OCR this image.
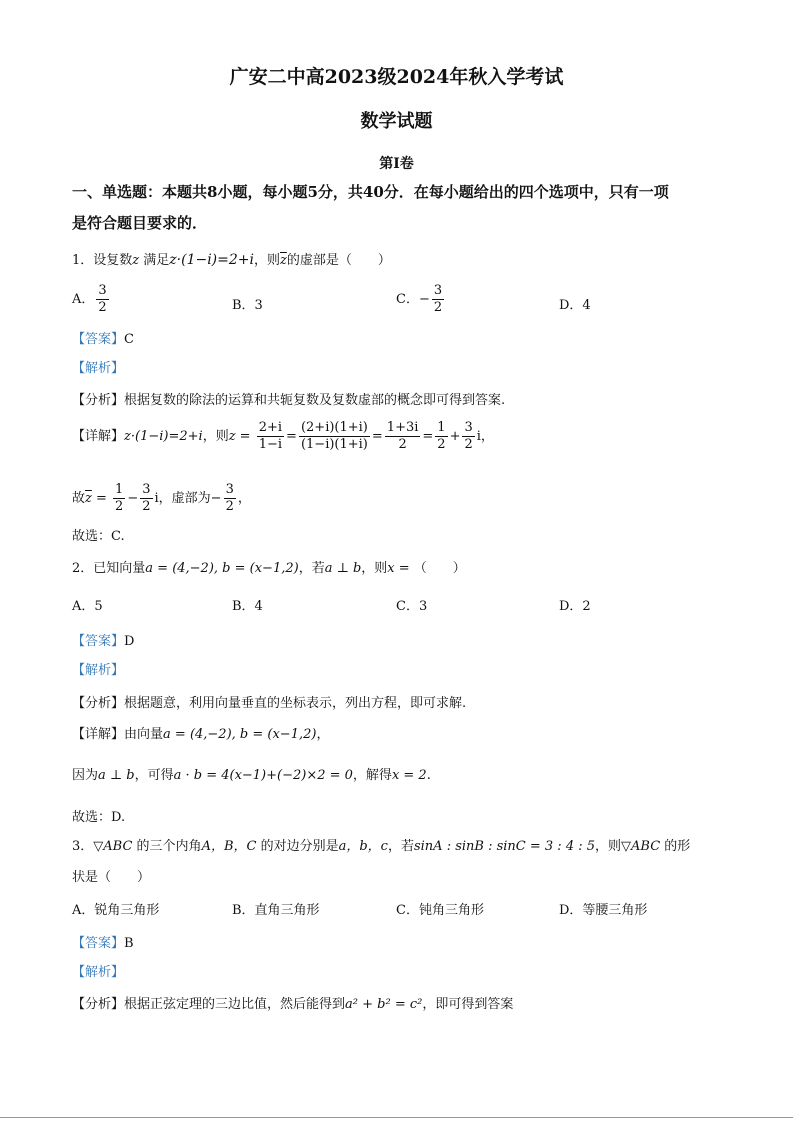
广安二中高2023级2024年秋入学考试
数学试题
第Ⅰ卷
一、单选题：本题共8小题，每小题5分，共40分．在每小题给出的四个选项中，只有一项
是符合题目要求的．
1．设复数z 满足z·(1−i)=2+i，则$\overline{z}$的虚部是（　　）
A． $\frac{3}{2}$	B．3	C．− $\frac{3}{2}$	D．4
【答案】C
【解析】
【分析】根据复数的除法的运算和共轭复数及复数虚部的概念即可得到答案.
【详解】z·(1−i)=2+i，则$z = \frac{2+i}{1-i} = \frac{(2+i)(1+i)}{(1-i)(1+i)} = \frac{1+3i}{2} = \frac{1}{2} + \frac{3}{2}$ i，
故$\overline{z} = \frac{1}{2} - \frac{3}{2}$ i，虚部为− $\frac{3}{2}$ ，
故选：C.
2．已知向量a = (4,−2), b = (x−1,2)，若a ⊥ b，则x = （　　）
A．5	B．4	C．3	D．2
【答案】D
【解析】
【分析】根据题意，利用向量垂直的坐标表示，列出方程，即可求解.
【详解】由向量a = (4,−2), b = (x−1,2)，
因为a ⊥ b，可得a · b = 4(x−1)+(−2)×2 = 0，解得x = 2.
故选：D.
3．▽ABC 的三个内角A，B，C 的对边分别是a，b，c，若sinA : sinB : sinC = 3 : 4 : 5，则▽ABC 的形
状是（　　）
A．锐角三角形	B．直角三角形	C．钝角三角形	D．等腰三角形
【答案】B
【解析】
【分析】根据正弦定理的三边比值，然后能得到a² + b² = c²，即可得到答案
